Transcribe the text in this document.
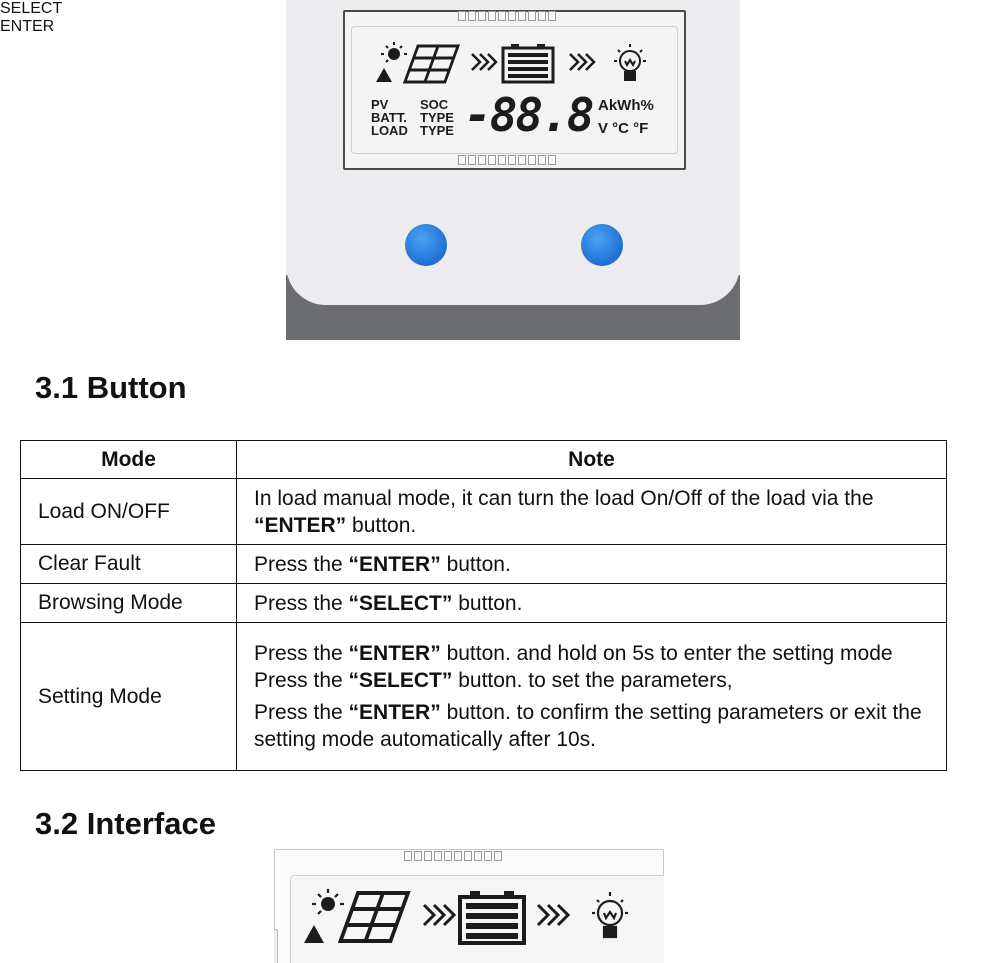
SELECT
ENTER
PV
BATT.
LOAD
SOC
TYPE
TYPE -88.8 AkWh%
V °C °F
3.1 Button
Mode	Note
Load ON/OFF	In load manual mode, it can turn the load On/Off of the load via the “ENTER” button.

Clear Fault	Press the “ENTER” button.

Browsing Mode	Press the “SELECT” button.

Setting Mode	Press the “ENTER” button. and hold on 5s to enter the setting mode

Press the “SELECT” button. to set the parameters,

Press the “ENTER” button. to confirm the setting parameters or exit the setting mode automatically after 10s.

3.2 Interface
